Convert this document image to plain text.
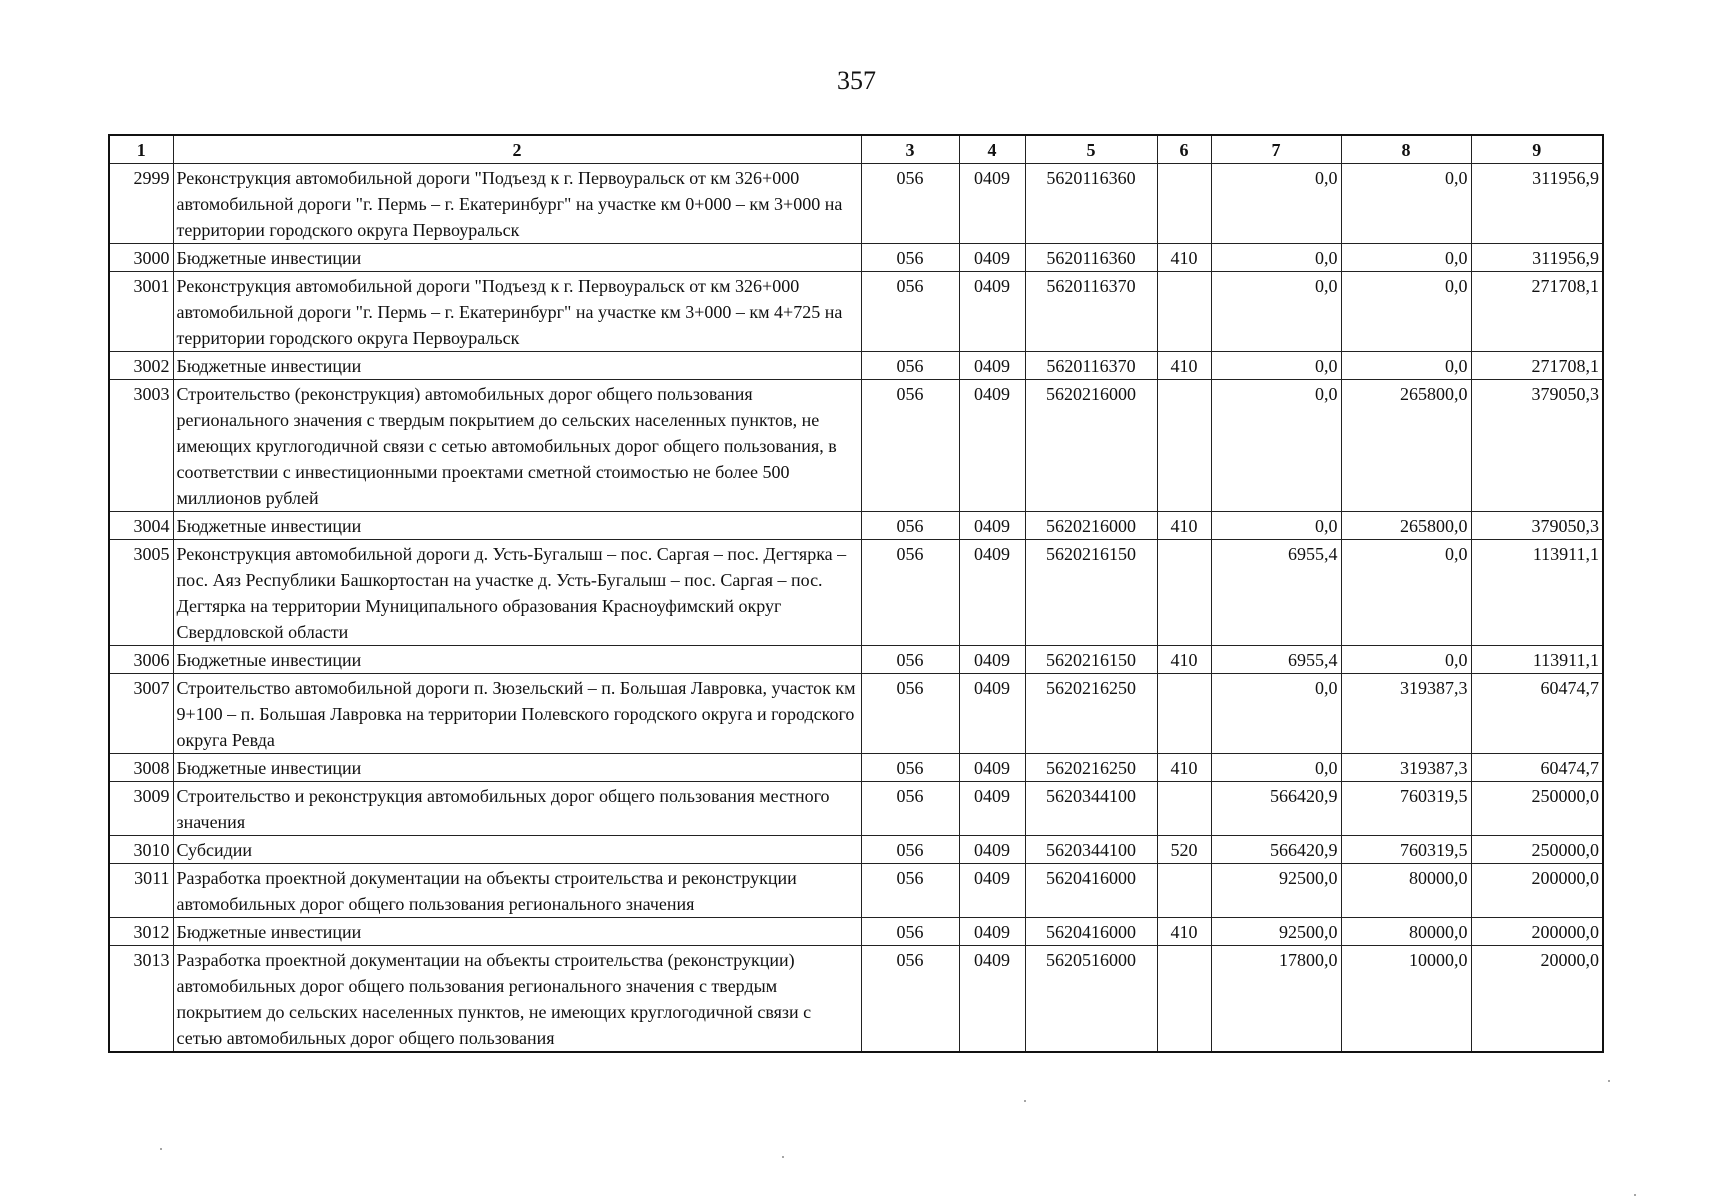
357
1	2	3	4	5	6	7	8	9
2999	Реконструкция автомобильной дороги "Подъезд к г. Первоуральск от км 326+000 автомобильной дороги "г. Пермь – г. Екатеринбург" на участке км 0+000 – км 3+000 на территории городского округа Первоуральск	056	0409	5620116360		0,0	0,0	311956,9
3000	Бюджетные инвестиции	056	0409	5620116360	410	0,0	0,0	311956,9
3001	Реконструкция автомобильной дороги "Подъезд к г. Первоуральск от км 326+000 автомобильной дороги "г. Пермь – г. Екатеринбург" на участке км 3+000 – км 4+725 на территории городского округа Первоуральск	056	0409	5620116370		0,0	0,0	271708,1
3002	Бюджетные инвестиции	056	0409	5620116370	410	0,0	0,0	271708,1
3003	Строительство (реконструкция) автомобильных дорог общего пользования регионального значения с твердым покрытием до сельских населенных пунктов, не имеющих круглогодичной связи с сетью автомобильных дорог общего пользования, в соответствии с инвестиционными проектами сметной стоимостью не более 500 миллионов рублей	056	0409	5620216000		0,0	265800,0	379050,3
3004	Бюджетные инвестиции	056	0409	5620216000	410	0,0	265800,0	379050,3
3005	Реконструкция автомобильной дороги д. Усть-Бугалыш – пос. Саргая – пос. Дегтярка – пос. Аяз Республики Башкортостан на участке д. Усть-Бугалыш – пос. Саргая – пос. Дегтярка на территории Муниципального образования Красноуфимский округ Свердловской области	056	0409	5620216150		6955,4	0,0	113911,1
3006	Бюджетные инвестиции	056	0409	5620216150	410	6955,4	0,0	113911,1
3007	Строительство автомобильной дороги п. Зюзельский – п. Большая Лавровка, участок км 9+100 – п. Большая Лавровка на территории Полевского городского округа и городского округа Ревда	056	0409	5620216250		0,0	319387,3	60474,7
3008	Бюджетные инвестиции	056	0409	5620216250	410	0,0	319387,3	60474,7
3009	Строительство и реконструкция автомобильных дорог общего пользования местного значения	056	0409	5620344100		566420,9	760319,5	250000,0
3010	Субсидии	056	0409	5620344100	520	566420,9	760319,5	250000,0
3011	Разработка проектной документации на объекты строительства и реконструкции автомобильных дорог общего пользования регионального значения	056	0409	5620416000		92500,0	80000,0	200000,0
3012	Бюджетные инвестиции	056	0409	5620416000	410	92500,0	80000,0	200000,0
3013	Разработка проектной документации на объекты строительства (реконструкции) автомобильных дорог общего пользования регионального значения с твердым покрытием до сельских населенных пунктов, не имеющих круглогодичной связи с сетью автомобильных дорог общего пользования	056	0409	5620516000		17800,0	10000,0	20000,0
